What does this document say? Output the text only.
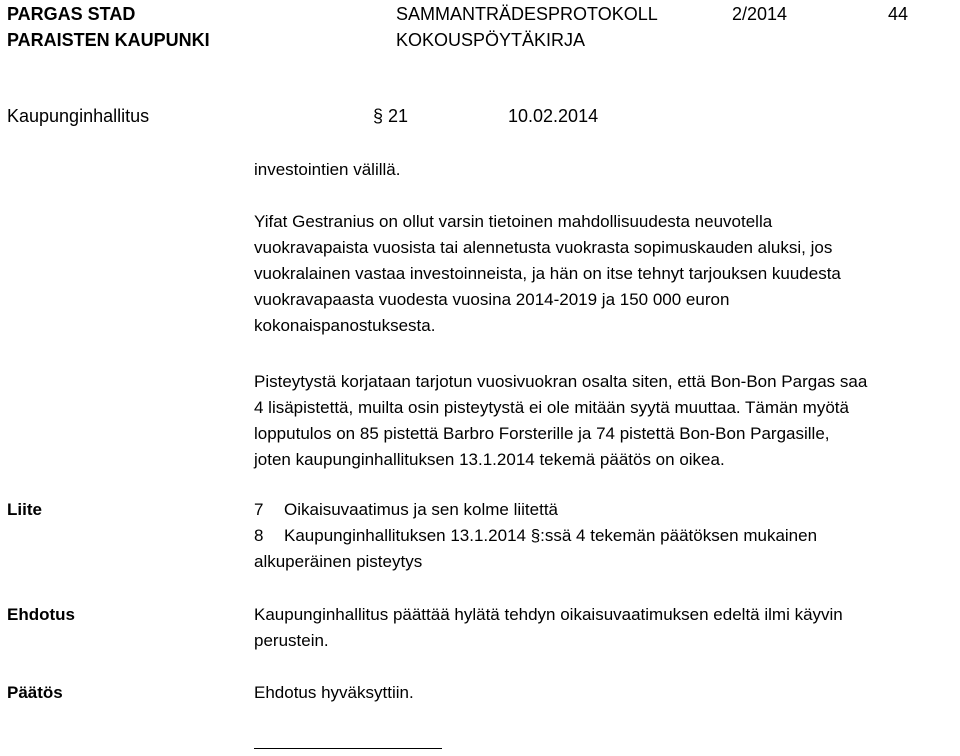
PARGAS STAD
PARAISTEN KAUPUNKI
SAMMANTRÄDESPROTOKOLL
KOKOUSPÖYTÄKIRJA
2/2014	44
Kaupunginhallitus	§ 21	10.02.2014
investointien välillä.
Yifat Gestranius on ollut varsin tietoinen mahdollisuudesta neuvotella
vuokravapaista vuosista tai alennetusta vuokrasta sopimuskauden aluksi, jos
vuokralainen vastaa investoinneista, ja hän on itse tehnyt tarjouksen kuudesta
vuokravapaasta vuodesta vuosina 2014-2019 ja 150 000 euron
kokonaispanostuksesta.
Pisteytystä korjataan tarjotun vuosivuokran osalta siten, että Bon-Bon Pargas saa
4 lisäpistettä, muilta osin pisteytystä ei ole mitään syytä muuttaa. Tämän myötä
lopputulos on 85 pistettä Barbro Forsterille ja 74 pistettä Bon-Bon Pargasille,
joten kaupunginhallituksen 13.1.2014 tekemä päätös on oikea.
Liite	7 Oikaisuvaatimus ja sen kolme liitettä
8 Kaupunginhallituksen 13.1.2014 §:ssä 4 tekemän päätöksen mukainen
alkuperäinen pisteytys
Ehdotus	Kaupunginhallitus päättää hylätä tehdyn oikaisuvaatimuksen edeltä ilmi käyvin
perustein.
Päätös	Ehdotus hyväksyttiin.
